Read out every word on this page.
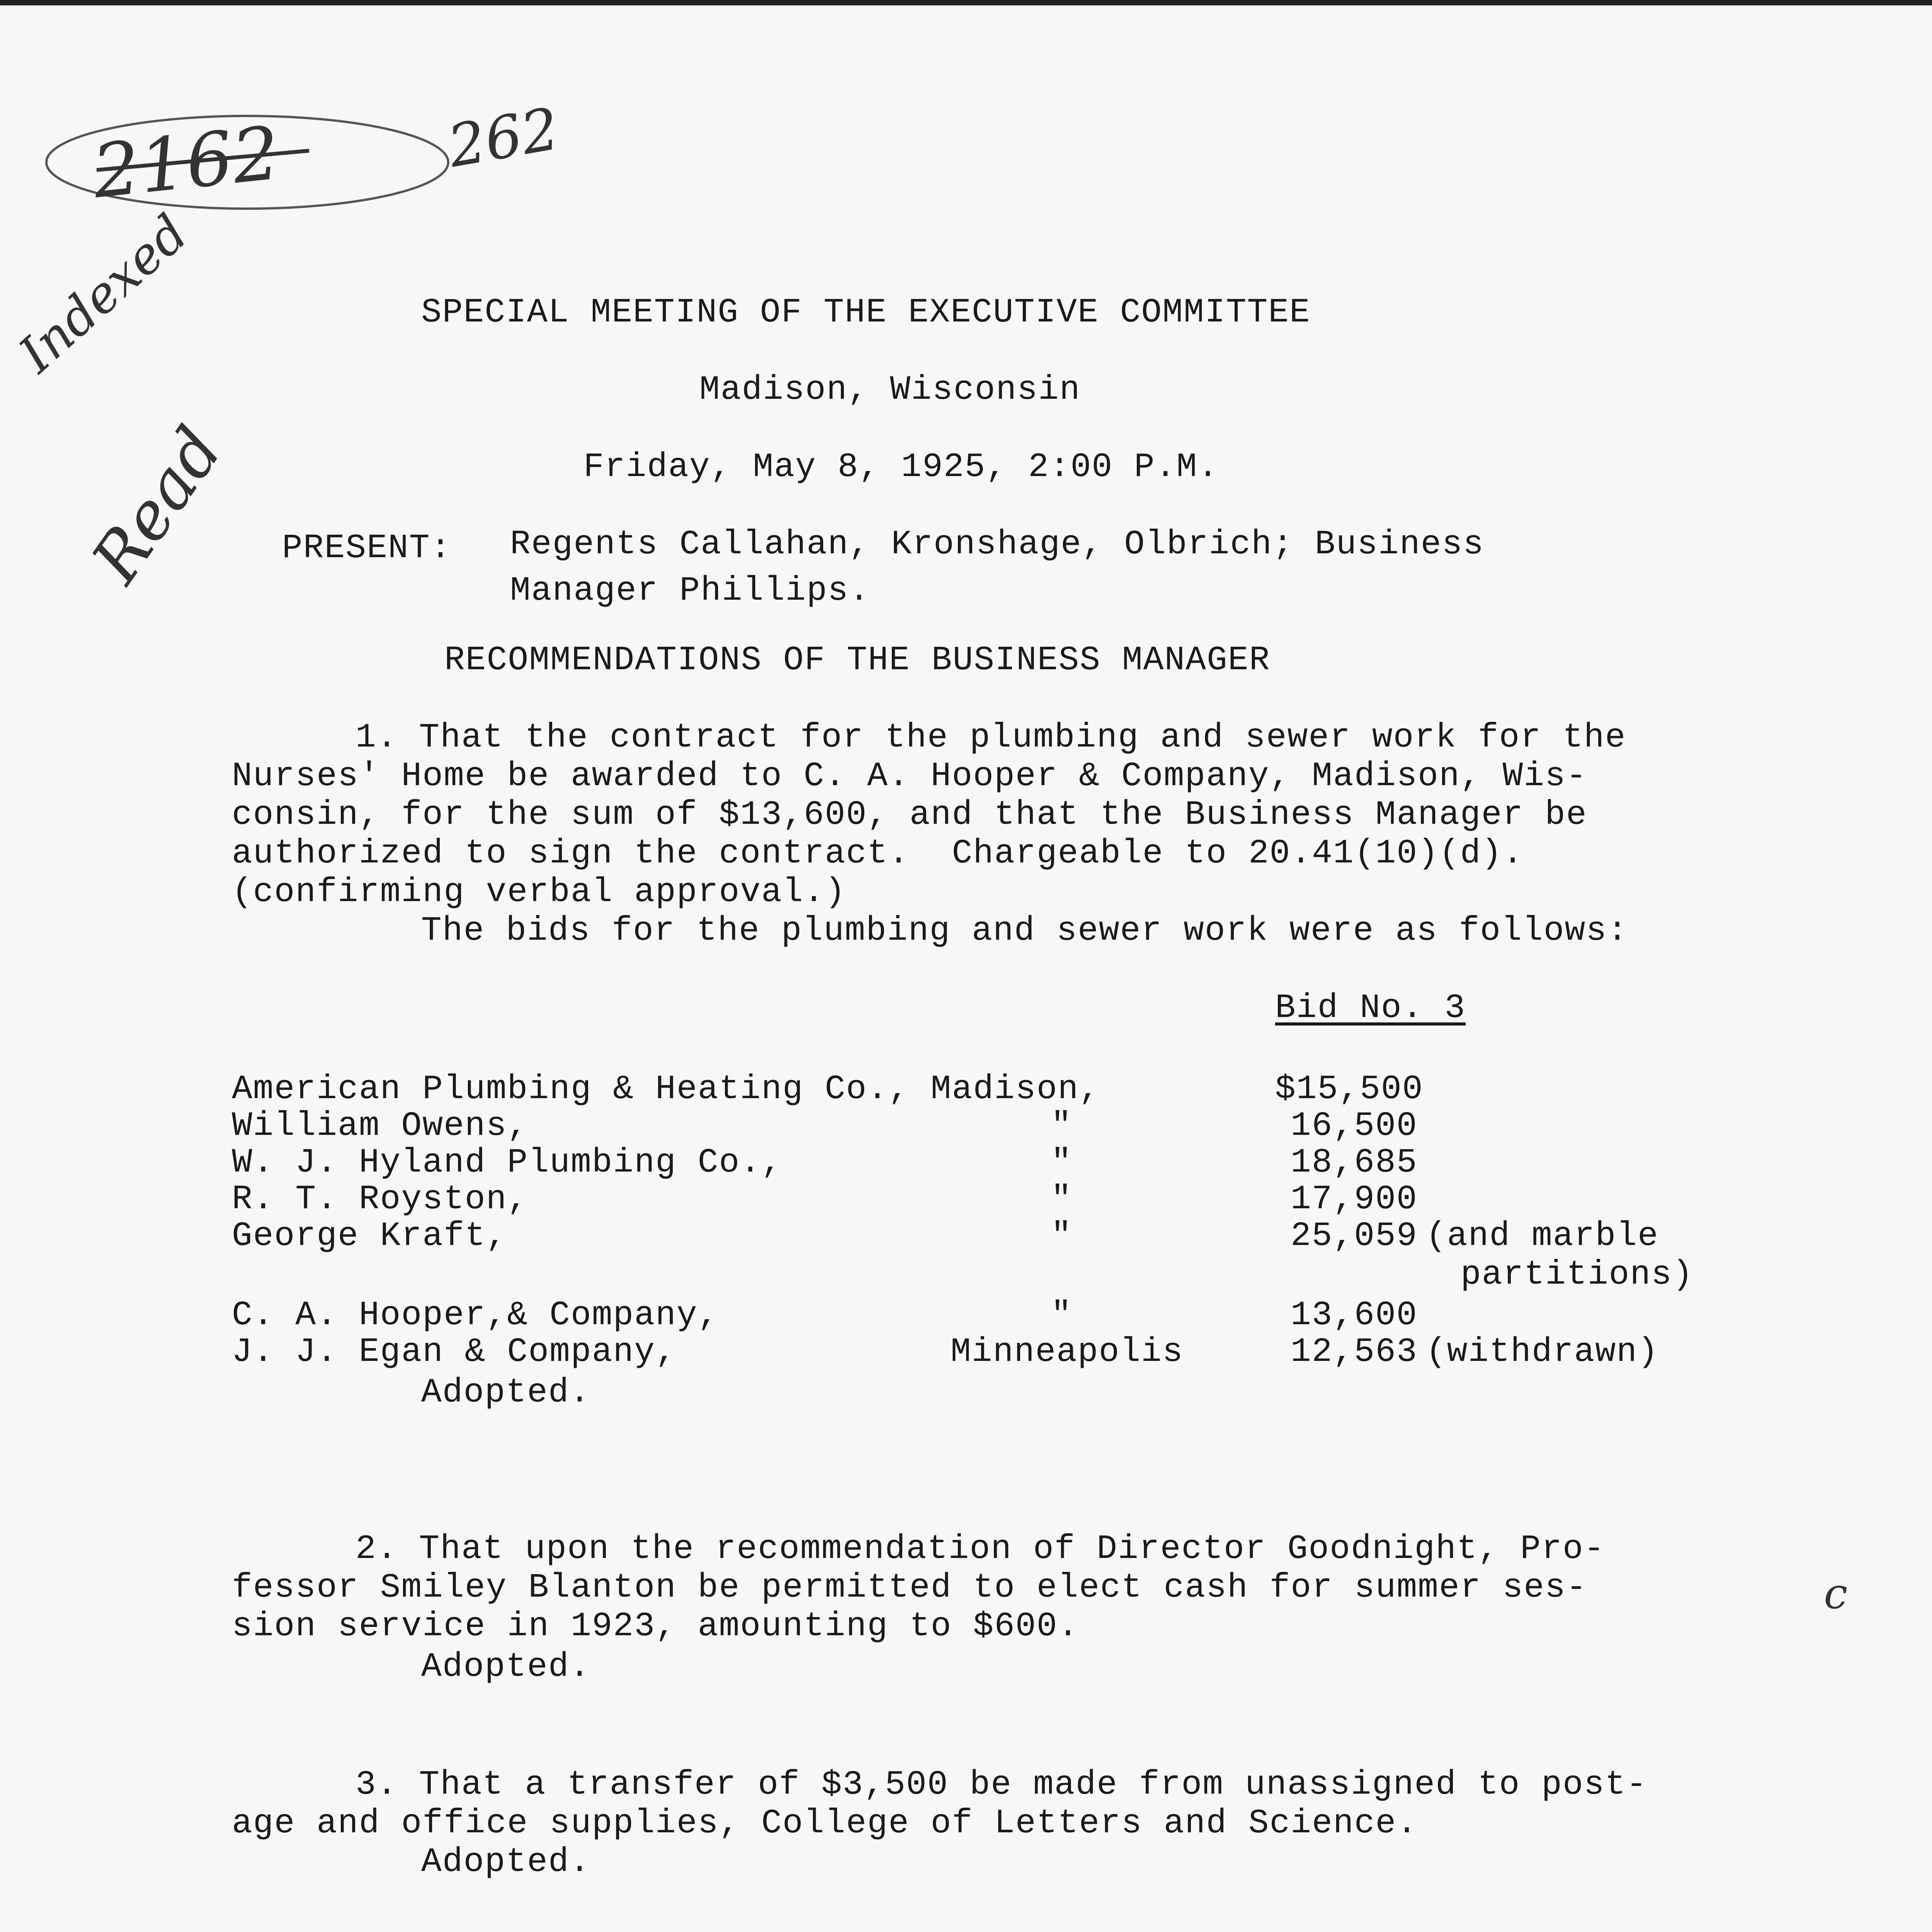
2162	262
Indexed
Read
SPECIAL MEETING OF THE EXECUTIVE COMMITTEE
Madison, Wisconsin
Friday, May 8, 1925, 2:00 P.M.
PRESENT: Regents Callahan, Kronshage, Olbrich; Business
Manager Phillips.
RECOMMENDATIONS OF THE BUSINESS MANAGER
1. That the contract for the plumbing and sewer work for the
Nurses' Home be awarded to C. A. Hooper & Company, Madison, Wis-
consin, for the sum of $13,600, and that the Business Manager be
authorized to sign the contract.  Chargeable to 20.41(10)(d).
(confirming verbal approval.)
The bids for the plumbing and sewer work were as follows:
Bid No. 3
American Plumbing & Heating Co., Madison,	$15,500
William Owens,	"	16,500
W. J. Hyland Plumbing Co.,	"	18,685
R. T. Royston,	"	17,900
George Kraft,	"	25,059 (and marble
partitions)
C. A. Hooper,& Company,	"	13,600
J. J. Egan & Company,	Minneapolis	12,563 (withdrawn)
Adopted.
2. That upon the recommendation of Director Goodnight, Pro-
fessor Smiley Blanton be permitted to elect cash for summer ses-
sion service in 1923, amounting to $600.
Adopted.
c
3. That a transfer of $3,500 be made from unassigned to post-
age and office supplies, College of Letters and Science.
Adopted.
